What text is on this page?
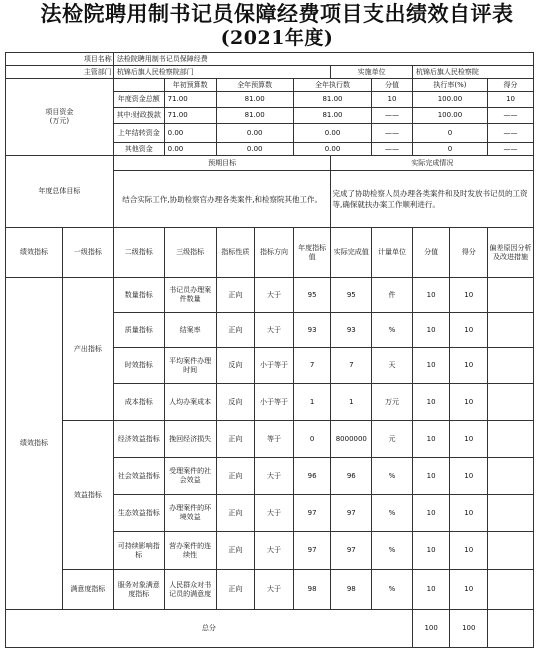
法检院聘用制书记员保障经费项目支出绩效自评表
(2021年度)
项目名称		法检院聘用制书记员保障经费									
主管部门		杭锦后旗人民检察院部门					实施单位		杭锦后旗人民检察院		
项目资金
(万元)			年初预算数	全年预算数		全年执行数		分值	执行率(%)		得分
		年度资金总额	71.00	81.00		81.00		10	100.00		10
		其中:财政拨款	71.00	81.00		81.00		——	100.00		——
		上年结转资金	0.00	0.00		0.00		——	0		——
		其他资金	0.00	0.00		0.00		——	0		——
年度总体目标		预期目标					实际完成情况				
		结合实际工作,协助检察官办理各类案件,和检察院其他工作。					完成了协助检察人员办理各类案件和及时发放书记员的工资等,确保就扶办案工作顺利进行。				
绩效指标	一级指标	二级指标	三级指标	指标性质	指标方向	年度指标值	实际完成值	计量单位	分值	得分	偏差原因分析及改进措施
绩效指标	产出指标	数量指标	书记员办理案件数量	正向	大于	95	95	件	10	10	
		质量指标	结案率	正向	大于	93	93	%	10	10	
		时效指标	平均案件办理时间	反向	小于等于	7	7	天	10	10	
		成本指标	人均办案成本	反向	小于等于	1	1	万元	10	10	
	效益指标	经济效益指标	挽回经济损失	正向	等于	0	8000000	元	10	10	
		社会效益指标	受理案件的社会效益	正向	大于	96	96	%	10	10	
		生态效益指标	办理案件的环境效益	正向	大于	97	97	%	10	10	
		可持续影响指标	营办案件的连续性	正向	大于	97	97	%	10	10	
	满意度指标	服务对象满意度指标	人民群众对书记员的满意度	正向	大于	98	98	%	10	10	
总分									100	100	
